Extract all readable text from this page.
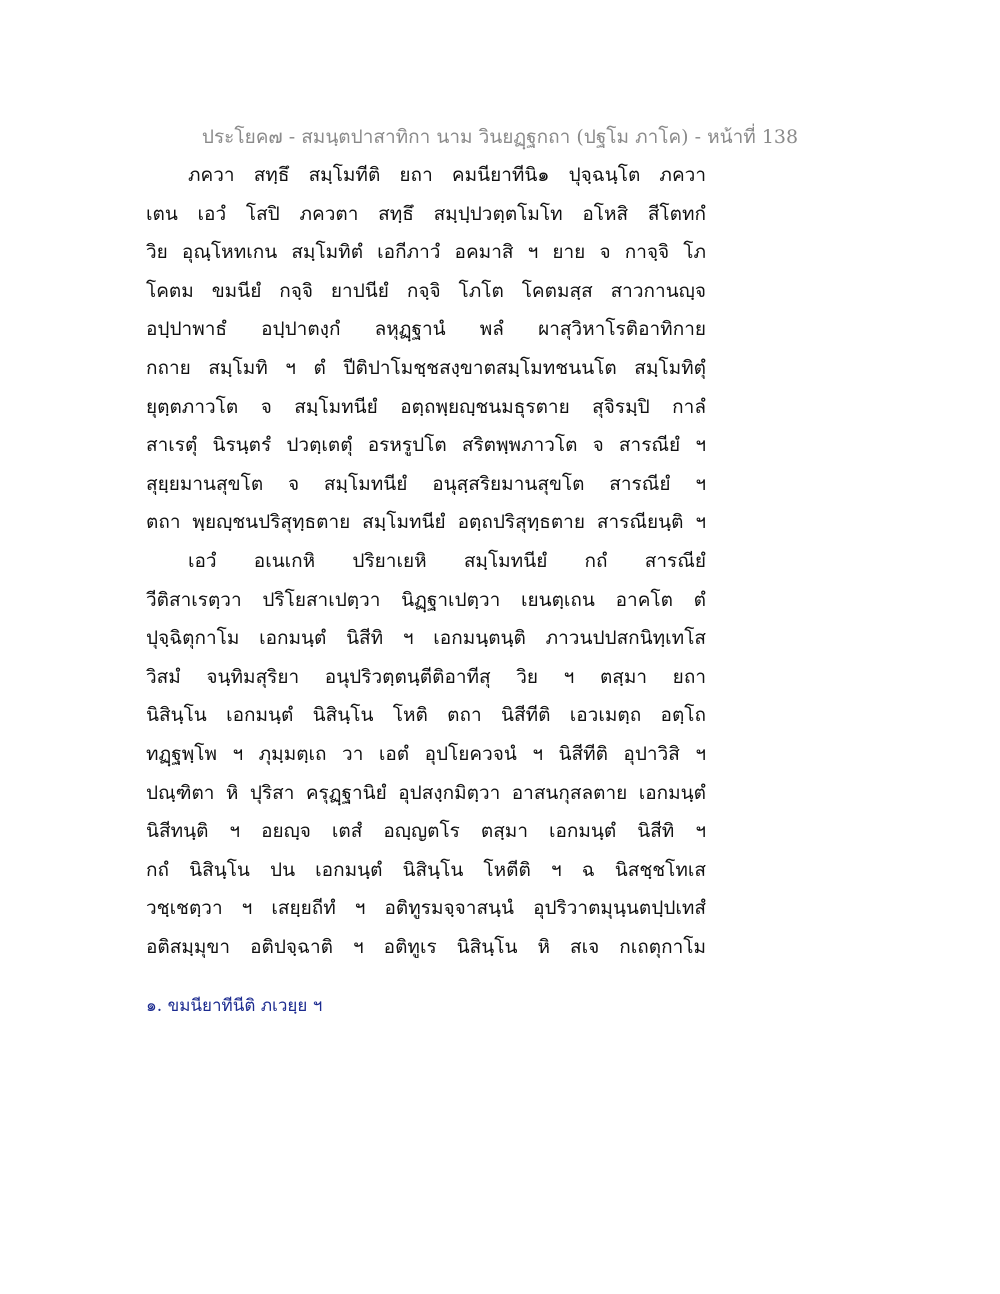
ประโยค๗ - สมนฺตปาสาทิกา นาม วินยฏฺฐกถา (ปฐโม ภาโค) - หน้าที่ 138
ภควา สทฺธึ สมฺโมทีติ ยถา คมนียาทีนิ๑ ปุจฺฉนฺโต ภควา
เตน เอวํ โสปิ ภควตา สทฺธึ สมฺปฺปวตฺตโมโท อโหสิ สีโตทกํ
วิย อุณฺโหทเกน สมฺโมทิตํ เอกีภาวํ อคมาสิ ฯ ยาย จ กาจฺจิ โภ
โคตม ขมนียํ กจฺจิ ยาปนียํ กจฺจิ โภโต โคตมสฺส สาวกานญฺจ
อปฺปาพาธํ อปฺปาตงฺกํ ลหุฏฺฐานํ พลํ ผาสุวิหาโรติอาทิกาย
กถาย สมฺโมทิ ฯ ตํ ปีติปาโมชฺชสงฺขาตสมฺโมทชนนโต สมฺโมทิตุํ
ยุตฺตภาวโต จ สมฺโมทนียํ อตฺถพฺยญฺชนมธุรตาย สุจิรมฺปิ กาลํ
สาเรตุํ นิรนฺตรํ ปวตฺเตตุํ อรหรูปโต สริตพฺพภาวโต จ สารณียํ ฯ
สุยฺยมานสุขโต จ สมฺโมทนียํ อนุสฺสริยมานสุขโต สารณียํ ฯ
ตถา พฺยญฺชนปริสุทฺธตาย สมฺโมทนียํ อตฺถปริสุทฺธตาย สารณียนฺติ ฯ
เอวํ อเนเกหิ ปริยาเยหิ สมฺโมทนียํ กถํ สารณียํ
วีติสาเรตฺวา ปริโยสาเปตฺวา นิฏฺฐาเปตฺวา เยนตฺเถน อาคโต ตํ
ปุจฺฉิตุกาโม เอกมนฺตํ นิสีทิ ฯ เอกมนฺตนฺติ ภาวนปปสกนิทฺเทโส
วิสมํ จนฺทิมสุริยา อนุปริวตฺตนฺตีติอาทีสุ วิย ฯ ตสฺมา ยถา
นิสินฺโน เอกมนฺตํ นิสินฺโน โหติ ตถา นิสีทีติ เอวเมตฺถ อตฺโถ
ทฏฺฐพฺโพ ฯ ภุมฺมตฺเถ วา เอตํ อุปโยควจนํ ฯ นิสีทีติ อุปาวิสิ ฯ
ปณฺฑิตา หิ ปุริสา ครุฏฺฐานิยํ อุปสงฺกมิตฺวา อาสนกุสลตาย เอกมนฺตํ
นิสีทนฺติ ฯ อยญฺจ เตสํ อญฺญตโร ตสฺมา เอกมนฺตํ นิสีทิ ฯ
กถํ นิสินฺโน ปน เอกมนฺตํ นิสินฺโน โหตีติ ฯ ฉ นิสชฺชโทเส
วชฺเชตฺวา ฯ เสยฺยถีทํ ฯ อติทูรมจฺจาสนฺนํ อุปริวาตมุนฺนตปฺปเทสํ
อติสมฺมุขา อติปจฺฉาติ ฯ อติทูเร นิสินฺโน หิ สเจ กเถตุกาโม
๑. ขมนียาทีนีติ ภเวยฺย ฯ
